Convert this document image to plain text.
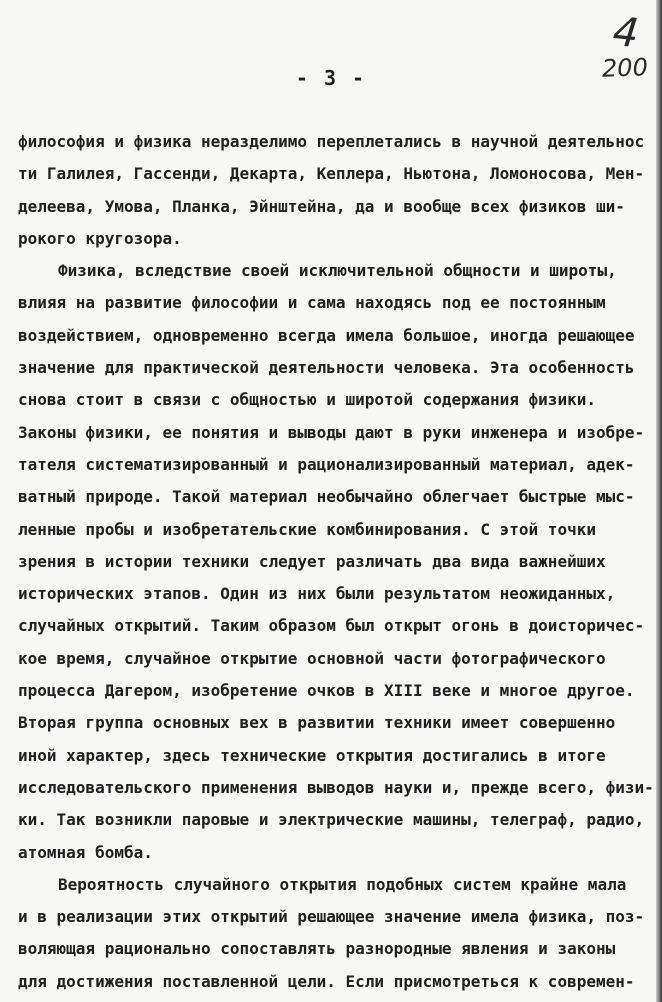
4
200
- 3 -
философия и физика неразделимо переплетались в научной деятельнос
ти Галилея, Гассенди, Декарта, Кеплера, Ньютона, Ломоносова, Мен-
делеева, Умова, Планка, Эйнштейна, да и вообще всех физиков ши-
рокого кругозора.
Физика, вследствие своей исключительной общности и широты,
влияя на развитие философии и сама находясь под ее постоянным
воздействием, одновременно всегда имела большое, иногда решающее
значение для практической деятельности человека. Эта особенность
снова стоит в связи с общностью и широтой содержания физики.
Законы физики, ее понятия и выводы дают в руки инженера и изобре-
тателя систематизированный и рационализированный материал, адек-
ватный природе. Такой материал необычайно облегчает быстрые мыс-
ленные пробы и изобретательские комбинирования. С этой точки
зрения в истории техники следует различать два вида важнейших
исторических этапов. Один из них были результатом неожиданных,
случайных открытий. Таким образом был открыт огонь в доисторичес-
кое время, случайное открытие основной части фотографического
процесса Дагером, изобретение очков в XIII веке и многое другое.
Вторая группа основных вех в развитии техники имеет совершенно
иной характер, здесь технические открытия достигались в итоге
исследовательского применения выводов науки и, прежде всего, физи-
ки. Так возникли паровые и электрические машины, телеграф, радио,
атомная бомба.
Вероятность случайного открытия подобных систем крайне мала
и в реализации этих открытий решающее значение имела физика, поз-
воляющая рационально сопоставлять разнородные явления и законы
для достижения поставленной цели. Если присмотреться к современ-
